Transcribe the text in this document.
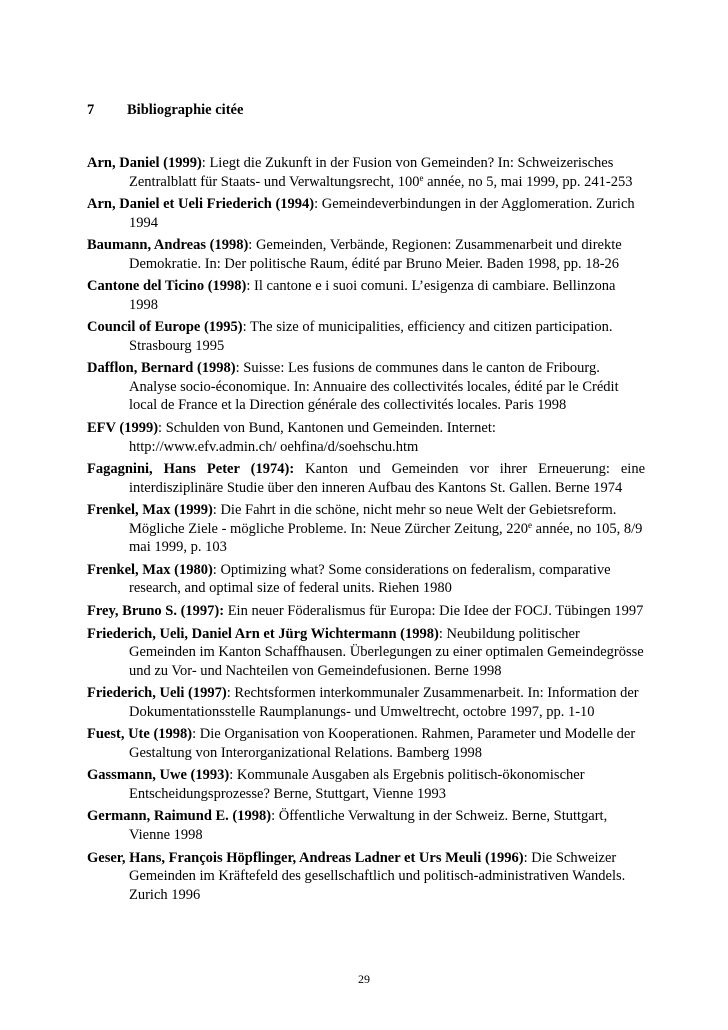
7	Bibliographie citée

Arn, Daniel (1999): Liegt die Zukunft in der Fusion von Gemeinden? In: Schweizerisches Zentralblatt für Staats- und Verwaltungsrecht, 100e année, no 5, mai 1999, pp. 241-253

Arn, Daniel et Ueli Friederich (1994): Gemeindeverbindungen in der Agglomeration. Zurich 1994

Baumann, Andreas (1998): Gemeinden, Verbände, Regionen: Zusammenarbeit und direkte Demokratie. In: Der politische Raum, édité par Bruno Meier. Baden 1998, pp. 18-26

Cantone del Ticino (1998): Il cantone e i suoi comuni. L’esigenza di cambiare. Bellinzona 1998

Council of Europe (1995): The size of municipalities, efficiency and citizen participation. Strasbourg 1995

Dafflon, Bernard (1998): Suisse: Les fusions de communes dans le canton de Fribourg. Analyse socio-économique. In: Annuaire des collectivités locales, édité par le Crédit local de France et la Direction générale des collectivités locales. Paris 1998

EFV (1999): Schulden von Bund, Kantonen und Gemeinden. Internet: http://www.efv.admin.ch/ oehfina/d/soehschu.htm

Fagagnini, Hans Peter (1974): Kanton und Gemeinden vor ihrer Erneuerung: eine interdisziplinäre Studie über den inneren Aufbau des Kantons St. Gallen. Berne 1974

Frenkel, Max (1999): Die Fahrt in die schöne, nicht mehr so neue Welt der Gebietsreform. Mögliche Ziele - mögliche Probleme. In: Neue Zürcher Zeitung, 220e année, no 105, 8/9 mai 1999, p. 103

Frenkel, Max (1980): Optimizing what? Some considerations on federalism, comparative research, and optimal size of federal units. Riehen 1980

Frey, Bruno S. (1997): Ein neuer Föderalismus für Europa: Die Idee der FOCJ. Tübingen 1997

Friederich, Ueli, Daniel Arn et Jürg Wichtermann (1998): Neubildung politischer Gemeinden im Kanton Schaffhausen. Überlegungen zu einer optimalen Gemeindegrösse und zu Vor- und Nachteilen von Gemeindefusionen. Berne 1998

Friederich, Ueli (1997): Rechtsformen interkommunaler Zusammenarbeit. In: Information der Dokumentationsstelle Raumplanungs- und Umweltrecht, octobre 1997, pp. 1-10

Fuest, Ute (1998): Die Organisation von Kooperationen. Rahmen, Parameter und Modelle der Gestaltung von Interorganizational Relations. Bamberg 1998

Gassmann, Uwe (1993): Kommunale Ausgaben als Ergebnis politisch-ökonomischer Entscheidungsprozesse? Berne, Stuttgart, Vienne 1993

Germann, Raimund E. (1998): Öffentliche Verwaltung in der Schweiz. Berne, Stuttgart, Vienne 1998

Geser, Hans, François Höpflinger, Andreas Ladner et Urs Meuli (1996): Die Schweizer Gemeinden im Kräftefeld des gesellschaftlich und politisch-administrativen Wandels. Zurich 1996

29
